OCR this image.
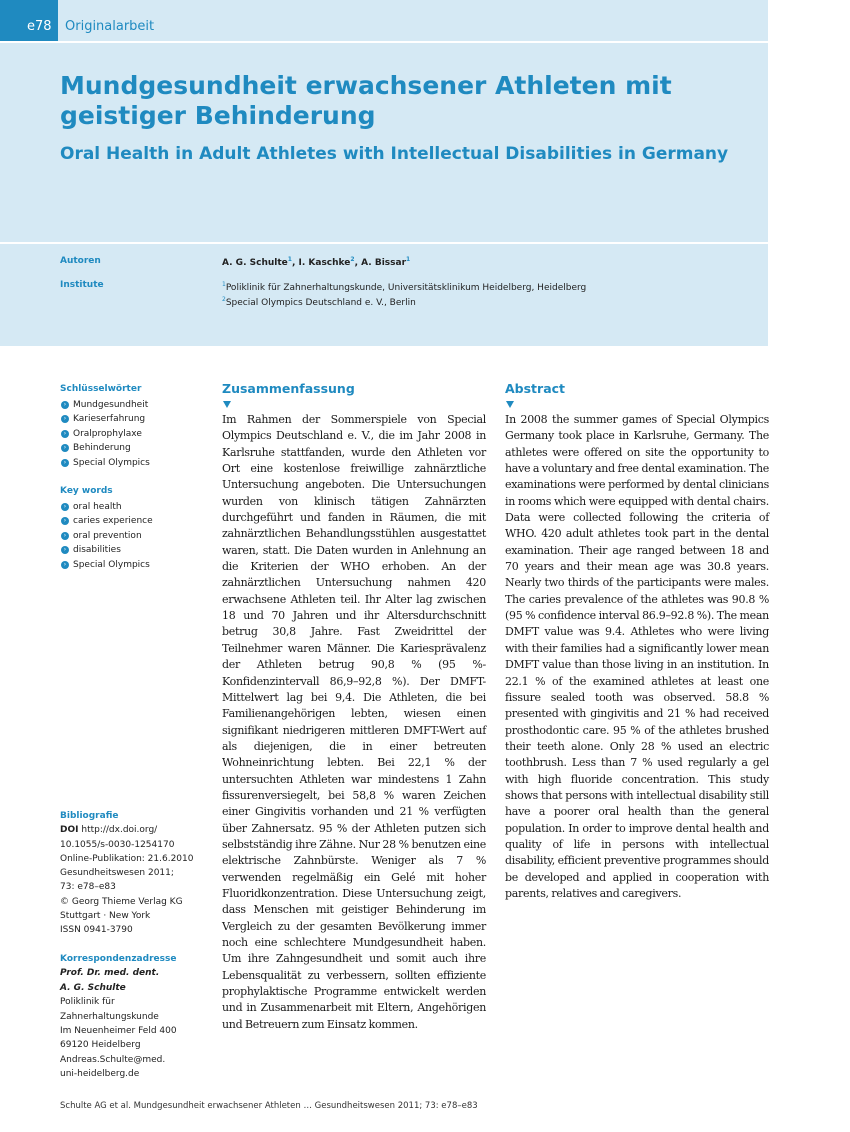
e78 Originalarbeit
Mundgesundheit erwachsener Athleten mit geistiger Behinderung
Oral Health in Adult Athletes with Intellectual Disabilities in Germany
Autoren	A. G. Schulte$^1$, I. Kaschke$^2$, A. Bissar$^1$
Institute	$^1$Poliklinik für Zahnerhaltungskunde, Universitätsklinikum Heidelberg, Heidelberg
$^2$Special Olympics Deutschland e. V., Berlin

Schlüsselwörter

› Mundgesundheit
› Karieserfahrung
› Oralprophylaxe
› Behinderung
› Special Olympics

Key words

› oral health
› caries experience
› oral prevention
› disabilities
› Special Olympics

Bibliografie

DOI http://dx.doi.org/

10.1055/s-0030-1254170

Online-Publikation: 21.6.2010

Gesundheitswesen 2011;

73: e78–e83

© Georg Thieme Verlag KG

Stuttgart · New York

ISSN 0941-3790

Korrespondenzadresse

Prof. Dr. med. dent.

A. G. Schulte

Poliklinik für

Zahnerhaltungskunde

Im Neuenheimer Feld 400

69120 Heidelberg

Andreas.Schulte@med.

uni-heidelberg.de

Zusammenfassung

Im Rahmen der Sommerspiele von Special Olympics Deutschland e. V., die im Jahr 2008 in Karlsruhe stattfanden, wurde den Athleten vor Ort eine kostenlose freiwillige zahnärztliche Untersuchung angeboten. Die Untersuchungen wurden von klinisch tätigen Zahnärzten durchgeführt und fanden in Räumen, die mit zahnärztlichen Behandlungsstühlen ausgestattet waren, statt. Die Daten wurden in Anlehnung an die Kriterien der WHO erhoben. An der zahnärztlichen Untersuchung nahmen 420 erwachsene Athleten teil. Ihr Alter lag zwischen 18 und 70 Jahren und ihr Altersdurchschnitt betrug 30,8 Jahre. Fast Zweidrittel der Teilnehmer waren Männer. Die Kariesprävalenz der Athleten betrug 90,8 % (95 %-Konfidenzintervall 86,9–92,8 %). Der DMFT-Mittelwert lag bei 9,4. Die Athleten, die bei Familienangehörigen lebten, wiesen einen signifikant niedrigeren mittleren DMFT-Wert auf als diejenigen, die in einer betreuten Wohneinrichtung lebten. Bei 22,1 % der untersuchten Athleten war mindestens 1 Zahn fissurenversiegelt, bei 58,8 % waren Zeichen einer Gingivitis vorhanden und 21 % verfügten über Zahnersatz. 95 % der Athleten putzen sich selbstständig ihre Zähne. Nur 28 % benutzen eine elektrische Zahnbürste. Weniger als 7 % verwenden regelmäßig ein Gelé mit hoher Fluoridkonzentration. Diese Untersuchung zeigt, dass Menschen mit geistiger Behinderung im Vergleich zu der gesamten Bevölkerung immer noch eine schlechtere Mundgesundheit haben. Um ihre Zahngesundheit und somit auch ihre Lebensqualität zu verbessern, sollten effiziente prophylaktische Programme entwickelt werden und in Zusammenarbeit mit Eltern, Angehörigen und Betreuern zum Einsatz kommen.

Abstract

In 2008 the summer games of Special Olympics Germany took place in Karlsruhe, Germany. The athletes were offered on site the opportunity to have a voluntary and free dental examination. The examinations were performed by dental clinicians in rooms which were equipped with dental chairs. Data were collected following the criteria of WHO. 420 adult athletes took part in the dental examination. Their age ranged between 18 and 70 years and their mean age was 30.8 years. Nearly two thirds of the participants were males. The caries prevalence of the athletes was 90.8 % (95 % confidence interval 86.9–92.8 %). The mean DMFT value was 9.4. Athletes who were living with their families had a significantly lower mean DMFT value than those living in an institution. In 22.1 % of the examined athletes at least one fissure sealed tooth was observed. 58.8 % presented with gingivitis and 21 % had received prosthodontic care. 95 % of the athletes brushed their teeth alone. Only 28 % used an electric toothbrush. Less than 7 % used regularly a gel with high fluoride concentration. This study shows that persons with intellectual disability still have a poorer oral health than the general population. In order to improve dental health and quality of life in persons with intellectual disability, efficient preventive programmes should be developed and applied in cooperation with parents, relatives and caregivers.

Schulte AG et al. Mundgesundheit erwachsener Athleten … Gesundheitswesen 2011; 73: e78–e83
